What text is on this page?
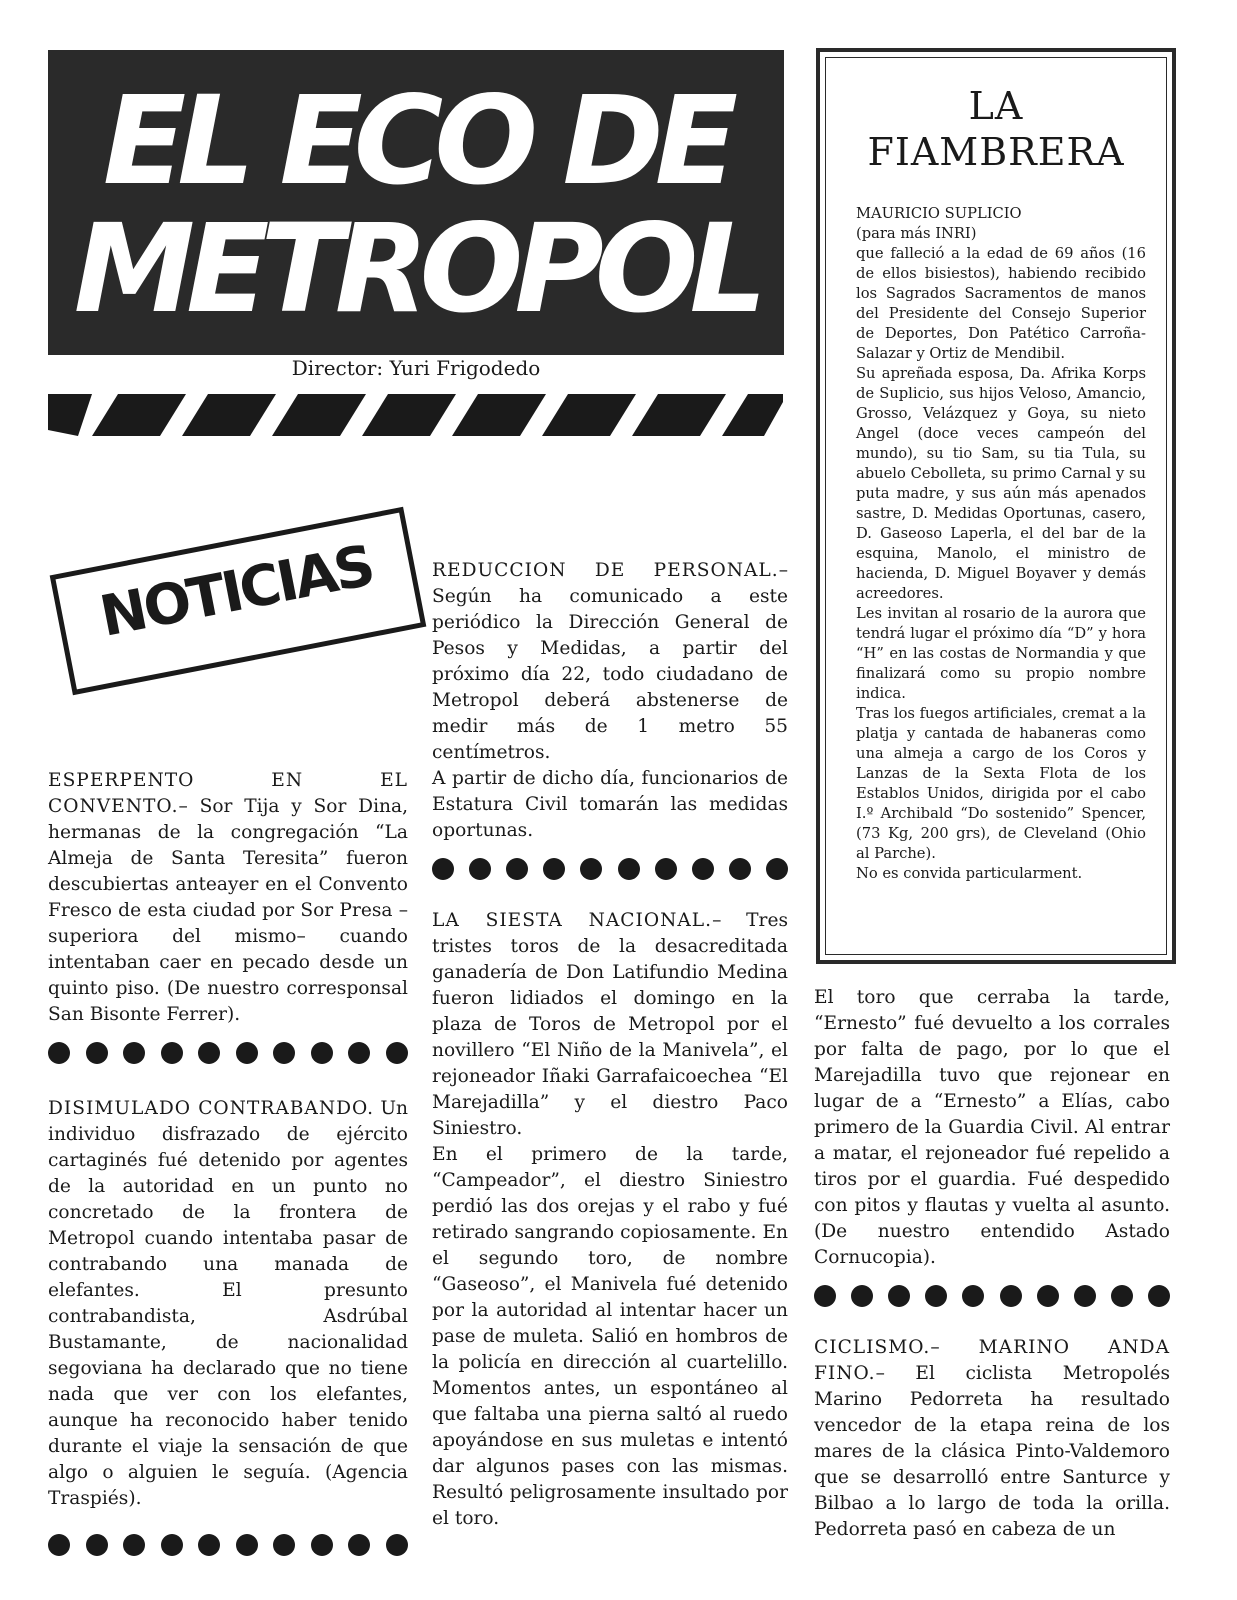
EL ECO DE
METROPOL
Director: Yuri Frigodedo
NOTICIAS

ESPERPENTO EN EL CONVENTO.– Sor Tija y Sor Dina, hermanas de la congregación “La Almeja de Santa Teresita” fueron descubiertas anteayer en el Convento Fresco de esta ciudad por Sor Presa –superiora del mismo– cuando intentaban caer en pecado desde un quinto piso. (De nuestro corresponsal San Bisonte Ferrer).

DISIMULADO CONTRABANDO. Un individuo disfrazado de ejército cartaginés fué detenido por agentes de la autoridad en un punto no concretado de la frontera de Metropol cuando intentaba pasar de contrabando una manada de elefantes. El presunto contrabandista, Asdrúbal Bustamante, de nacionalidad segoviana ha declarado que no tiene nada que ver con los elefantes, aunque ha reconocido haber tenido durante el viaje la sensación de que algo o alguien le seguía. (Agencia Traspiés).

REDUCCION DE PERSONAL.– Según ha comunicado a este periódico la Dirección General de Pesos y Medidas, a partir del próximo día 22, todo ciudadano de Metropol deberá abstenerse de medir más de 1 metro 55 centímetros.

A partir de dicho día, funcionarios de Estatura Civil tomarán las medidas oportunas.

LA SIESTA NACIONAL.– Tres tristes toros de la desacreditada ganadería de Don Latifundio Medina fueron lidiados el domingo en la plaza de Toros de Metropol por el novillero “El Niño de la Manivela”, el rejoneador Iñaki Garrafaicoechea “El Marejadilla” y el diestro Paco Siniestro.

En el primero de la tarde, “Campeador”, el diestro Siniestro perdió las dos orejas y el rabo y fué retirado sangrando copiosamente. En el segundo toro, de nombre “Gaseoso”, el Manivela fué detenido por la autoridad al intentar hacer un pase de muleta. Salió en hombros de la policía en dirección al cuartelillo. Momentos antes, un espontáneo al que faltaba una pierna saltó al ruedo apoyándose en sus muletas e intentó dar algunos pases con las mismas. Resultó peligrosamente insultado por el toro.

LA
FIAMBRERA

MAURICIO SUPLICIO

(para más INRI)

que falleció a la edad de 69 años (16 de ellos bisiestos), habiendo recibido los Sagrados Sacramentos de manos del Presidente del Consejo Superior de Deportes, Don Patético Carroña-Salazar y Ortiz de Mendibil.

Su apreñada esposa, Da. Afrika Korps de Suplicio, sus hijos Veloso, Amancio, Grosso, Velázquez y Goya, su nieto Angel (doce veces campeón del mundo), su tio Sam, su tia Tula, su abuelo Cebolleta, su primo Carnal y su puta madre, y sus aún más apenados sastre, D. Medidas Oportunas, casero, D. Gaseoso Laperla, el del bar de la esquina, Manolo, el ministro de hacienda, D. Miguel Boyaver y demás acreedores.

Les invitan al rosario de la aurora que tendrá lugar el próximo día “D” y hora “H” en las costas de Normandia y que finalizará como su propio nombre indica.

Tras los fuegos artificiales, cremat a la platja y cantada de habaneras como una almeja a cargo de los Coros y Lanzas de la Sexta Flota de los Establos Unidos, dirigida por el cabo I.º Archibald “Do sostenido” Spencer, (73 Kg, 200 grs), de Cleveland (Ohio al Parche).

No es convida particularment.

El toro que cerraba la tarde, “Ernesto” fué devuelto a los corrales por falta de pago, por lo que el Marejadilla tuvo que rejonear en lugar de a “Ernesto” a Elías, cabo primero de la Guardia Civil. Al entrar a matar, el rejoneador fué repelido a tiros por el guardia. Fué despedido con pitos y flautas y vuelta al asunto. (De nuestro entendido Astado Cornucopia).

CICLISMO.– MARINO ANDA FINO.– El ciclista Metropolés Marino Pedorreta ha resultado vencedor de la etapa reina de los mares de la clásica Pinto-Valdemoro que se desarrolló entre Santurce y Bilbao a lo largo de toda la orilla. Pedorreta pasó en cabeza de un
